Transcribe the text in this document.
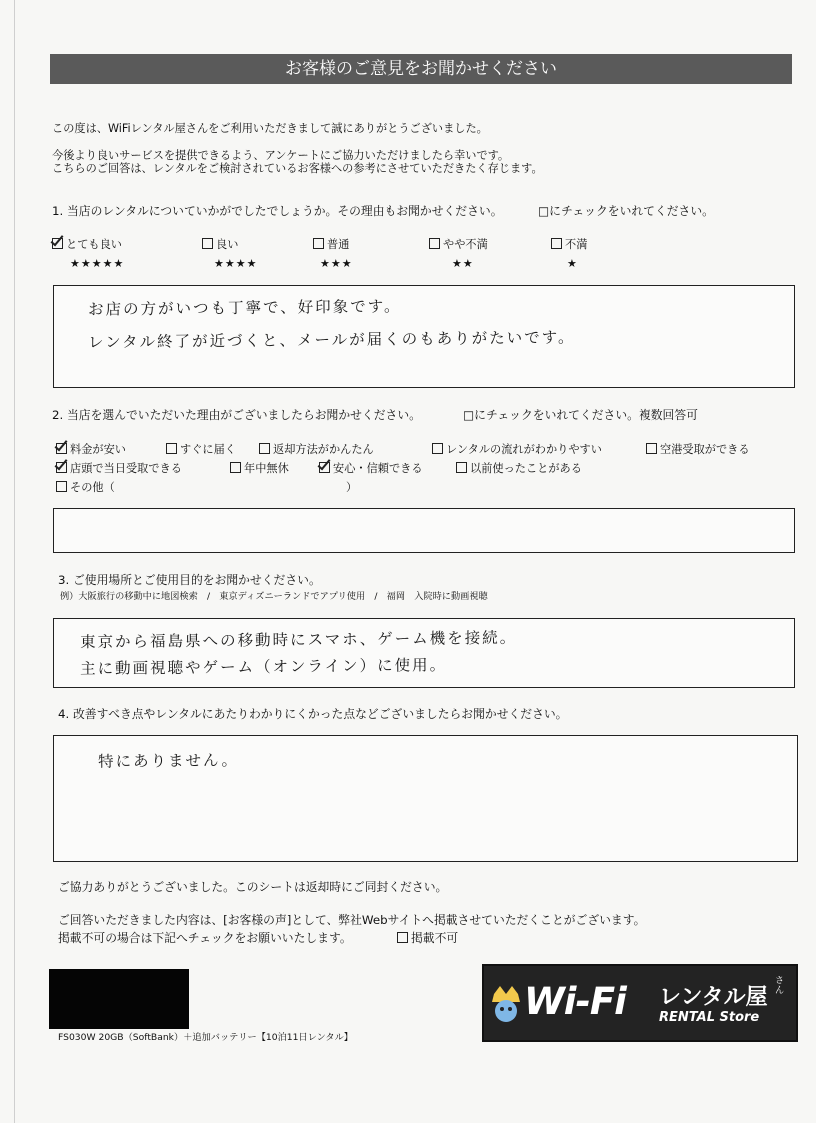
お客様のご意見をお聞かせください
この度は、WiFiレンタル屋さんをご利用いただきまして誠にありがとうございました。
今後より良いサービスを提供できるよう、アンケートにご協力いただけましたら幸いです。
こちらのご回答は、レンタルをご検討されているお客様への参考にさせていただきたく存じます。
1. 当店のレンタルについていかがでしたでしょうか。その理由もお聞かせください。	□にチェックをいれてください。
とても良い
★★★★★
良い
★★★★
普通
★★★
やや不満
★★
不満
★
お店の方がいつも丁寧で、好印象です。
レンタル終了が近づくと、メールが届くのもありがたいです。
2. 当店を選んでいただいた理由がございましたらお聞かせください。	□にチェックをいれてください。複数回答可
料金が安い	すぐに届く	返却方法がかんたん	レンタルの流れがわかりやすい	空港受取ができる
店頭で当日受取できる	年中無休	安心・信頼できる	以前使ったことがある
その他（	）
3. ご使用場所とご使用目的をお聞かせください。
例）大阪旅行の移動中に地図検索　/　東京ディズニーランドでアプリ使用　/　福岡　入院時に動画視聴
東京から福島県への移動時にスマホ、ゲーム機を接続。
主に動画視聴やゲーム（オンライン）に使用。
4. 改善すべき点やレンタルにあたりわかりにくかった点などございましたらお聞かせください。
特にありません。
ご協力ありがとうございました。このシートは返却時にご同封ください。
ご回答いただきました内容は、[お客様の声]として、弊社Webサイトへ掲載させていただくことがございます。
掲載不可の場合は下記へチェックをお願いいたします。	掲載不可
FS030W 20GB（SoftBank）＋追加バッテリー【10泊11日レンタル】
Wi-Fi レンタル屋
さん
RENTAL Store
